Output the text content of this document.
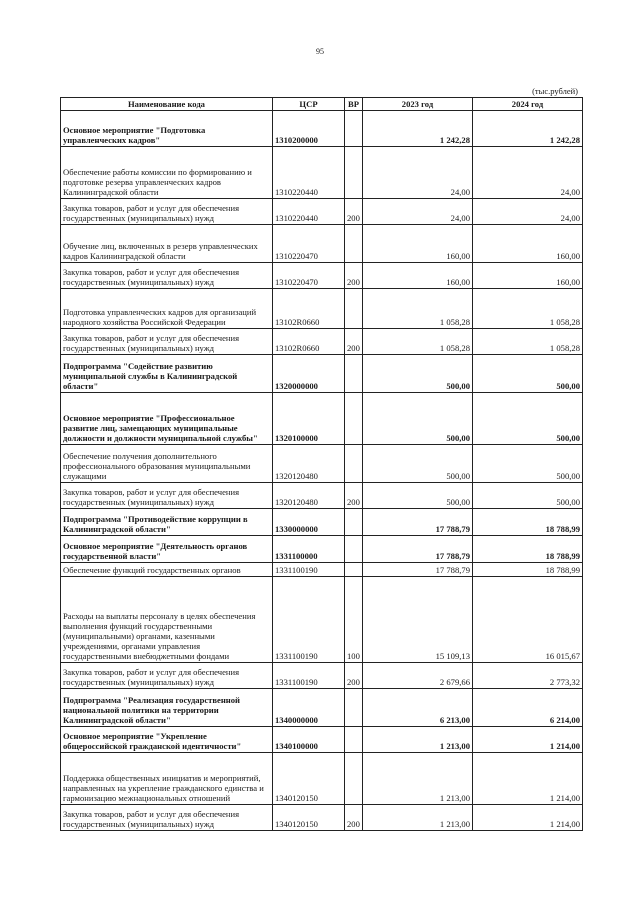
95
(тыс.рублей)
Наименование кода	ЦСР	ВР	2023 год	2024 год
Основное мероприятие "Подготовка управленческих кадров"	1310200000		1 242,28	1 242,28
Обеспечение работы комиссии по формированию и подготовке резерва управленческих кадров Калининградской области	1310220440		24,00	24,00
Закупка товаров, работ и услуг для обеспечения государственных (муниципальных) нужд	1310220440	200	24,00	24,00
Обучение лиц, включенных в резерв управленческих кадров Калининградской области	1310220470		160,00	160,00
Закупка товаров, работ и услуг для обеспечения государственных (муниципальных) нужд	1310220470	200	160,00	160,00
Подготовка управленческих кадров для организаций народного хозяйства Российской Федерации	13102R0660		1 058,28	1 058,28
Закупка товаров, работ и услуг для обеспечения государственных (муниципальных) нужд	13102R0660	200	1 058,28	1 058,28
Подпрограмма "Содействие развитию муниципальной службы в Калининградской области"	1320000000		500,00	500,00
Основное мероприятие "Профессиональное развитие лиц, замещающих муниципальные должности и должности муниципальной службы"	1320100000		500,00	500,00
Обеспечение получения дополнительного профессионального образования муниципальными служащими	1320120480		500,00	500,00
Закупка товаров, работ и услуг для обеспечения государственных (муниципальных) нужд	1320120480	200	500,00	500,00
Подпрограмма "Противодействие коррупции в Калининградской области"	1330000000		17 788,79	18 788,99
Основное мероприятие "Деятельность органов государственной власти"	1331100000		17 788,79	18 788,99
Обеспечение функций государственных органов	1331100190		17 788,79	18 788,99
Расходы на выплаты персоналу в целях обеспечения выполнения функций государственными (муниципальными) органами, казенными учреждениями, органами управления государственными внебюджетными фондами	1331100190	100	15 109,13	16 015,67
Закупка товаров, работ и услуг для обеспечения государственных (муниципальных) нужд	1331100190	200	2 679,66	2 773,32
Подпрограмма "Реализация государственной национальной политики на территории Калининградской области"	1340000000		6 213,00	6 214,00
Основное мероприятие "Укрепление общероссийской гражданской идентичности"	1340100000		1 213,00	1 214,00
Поддержка общественных инициатив и мероприятий, направленных на укрепление гражданского единства и гармонизацию межнациональных отношений	1340120150		1 213,00	1 214,00
Закупка товаров, работ и услуг для обеспечения государственных (муниципальных) нужд	1340120150	200	1 213,00	1 214,00
